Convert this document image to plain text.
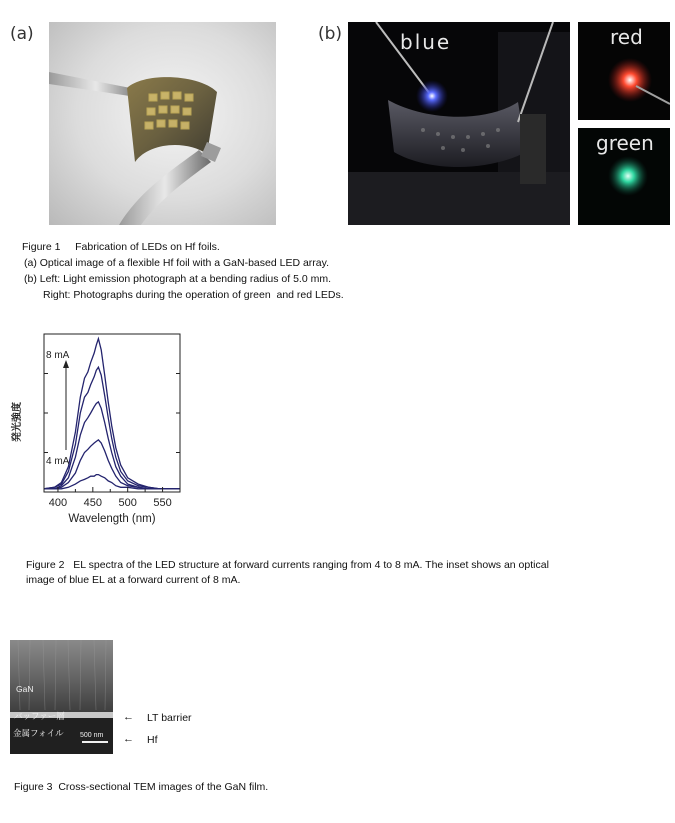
(a)	(b)	blue	red
green
Figure 1     Fabrication of LEDs on Hf foils.
(a) Optical image of a flexible Hf foil with a GaN-based LED array.
(b) Left: Light emission photograph at a bending radius of 5.0 mm.
Right: Photographs during the operation of green  and red LEDs.
400 450 500 550
8 mA
4 mA
発光強度
Wavelength (nm)
Figure 2   EL spectra of the LED structure at forward currents ranging from 4 to 8 mA. The inset shows an optical
image of blue EL at a forward current of 8 mA.
GaN
バッファー層
金属フォイル 500 nm
← LT barrier
← Hf
Figure 3  Cross-sectional TEM images of the GaN film.
